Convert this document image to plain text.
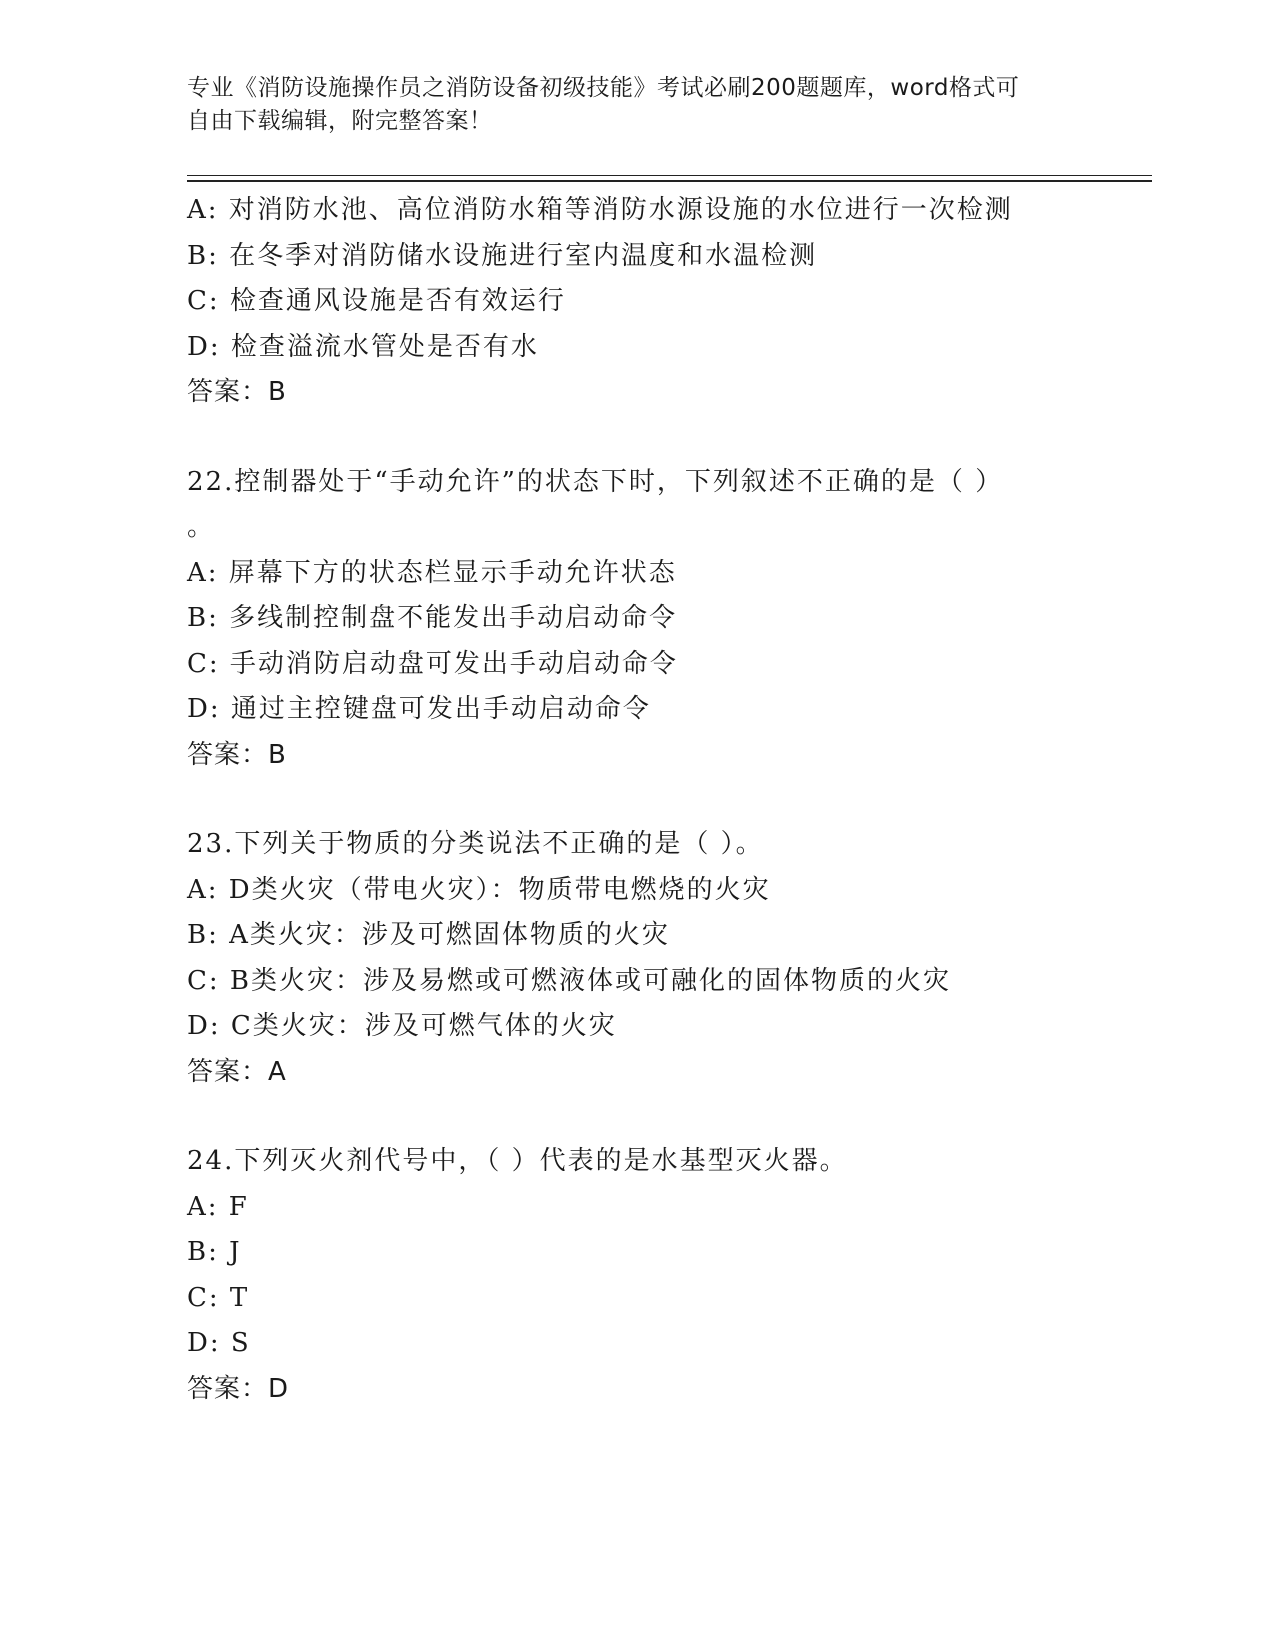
专业《消防设施操作员之消防设备初级技能》考试必刷200题题库，word格式可
自由下载编辑，附完整答案！
A: 对消防水池、高位消防水箱等消防水源设施的水位进行一次检测
B: 在冬季对消防储水设施进行室内温度和水温检测
C: 检查通风设施是否有效运行
D: 检查溢流水管处是否有水
答案：B
22.控制器处于“手动允许”的状态下时，下列叙述不正确的是（ ）
。
A: 屏幕下方的状态栏显示手动允许状态
B: 多线制控制盘不能发出手动启动命令
C: 手动消防启动盘可发出手动启动命令
D: 通过主控键盘可发出手动启动命令
答案：B
23.下列关于物质的分类说法不正确的是（ ）。
A: D类火灾（带电火灾）：物质带电燃烧的火灾
B: A类火灾：涉及可燃固体物质的火灾
C: B类火灾：涉及易燃或可燃液体或可融化的固体物质的火灾
D: C类火灾：涉及可燃气体的火灾
答案：A
24.下列灭火剂代号中，（ ）代表的是水基型灭火器。
A: F
B: J
C: T
D: S
答案：D
